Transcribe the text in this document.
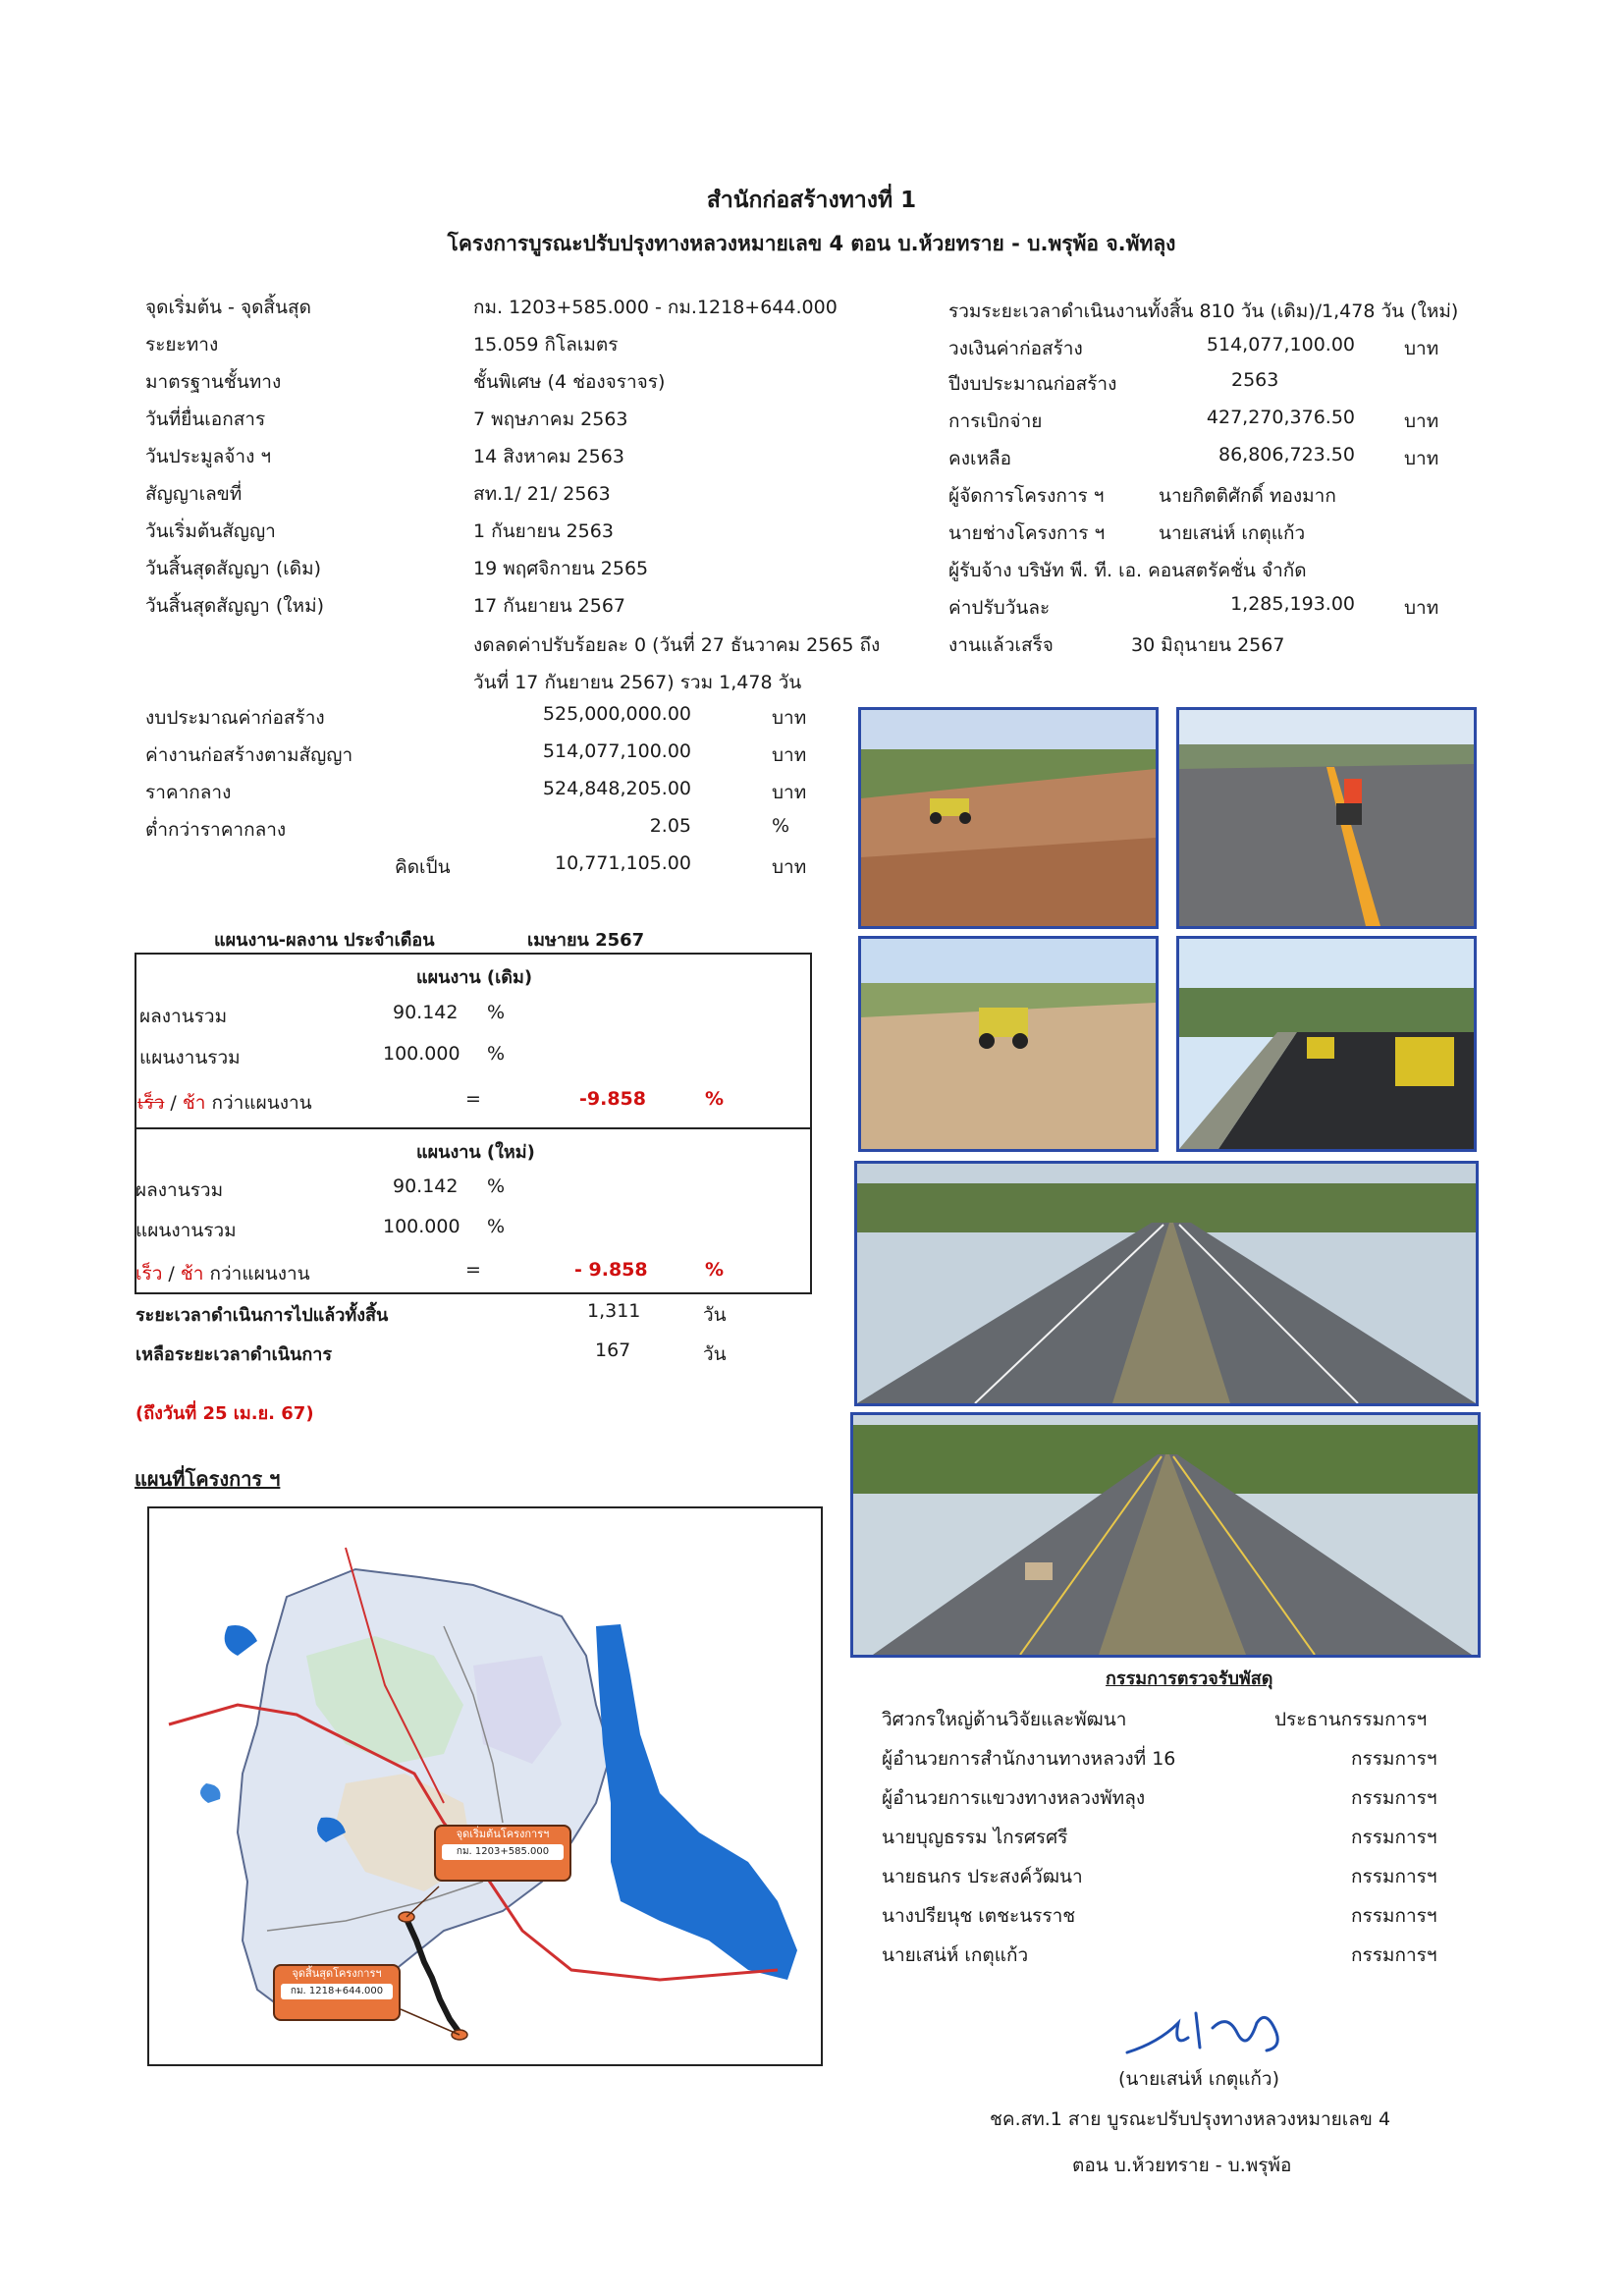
สำนักก่อสร้างทางที่ 1
โครงการบูรณะปรับปรุงทางหลวงหมายเลข 4 ตอน บ.ห้วยทราย - บ.พรุพ้อ จ.พัทลุง
จุดเริ่มต้น - จุดสิ้นสุด	กม. 1203+585.000 - กม.1218+644.000
ระยะทาง	15.059 กิโลเมตร
มาตรฐานชั้นทาง	ชั้นพิเศษ (4 ช่องจราจร)
วันที่ยื่นเอกสาร	7 พฤษภาคม 2563
วันประมูลจ้าง ฯ	14 สิงหาคม 2563
สัญญาเลขที่	สท.1/ 21/ 2563
วันเริ่มต้นสัญญา	1 กันยายน 2563
วันสิ้นสุดสัญญา (เดิม)	19 พฤศจิกายน 2565
วันสิ้นสุดสัญญา (ใหม่)	17 กันยายน 2567
งดลดค่าปรับร้อยละ 0 (วันที่ 27 ธันวาคม 2565 ถึง
วันที่ 17 กันยายน 2567) รวม 1,478 วัน
รวมระยะเวลาดำเนินงานทั้งสิ้น 810 วัน (เดิม)/1,478 วัน (ใหม่)
วงเงินค่าก่อสร้าง	514,077,100.00	บาท
ปีงบประมาณก่อสร้าง	2563
การเบิกจ่าย	427,270,376.50	บาท
คงเหลือ	86,806,723.50	บาท
ผู้จัดการโครงการ ฯ	นายกิตติศักดิ์ ทองมาก
นายช่างโครงการ ฯ	นายเสน่ห์ เกตุแก้ว
ผู้รับจ้าง บริษัท พี. ที. เอ. คอนสตรัคชั่น จำกัด
ค่าปรับวันละ	1,285,193.00	บาท
งานแล้วเสร็จ	30 มิถุนายน 2567
งบประมาณค่าก่อสร้าง	525,000,000.00	บาท
ค่างานก่อสร้างตามสัญญา	514,077,100.00	บาท
ราคากลาง	524,848,205.00	บาท
ต่ำกว่าราคากลาง	2.05	%
คิดเป็น	10,771,105.00	บาท
แผนงาน-ผลงาน ประจำเดือน	เมษายน 2567
แผนงาน (เดิม)
ผลงานรวม	90.142 %
แผนงานรวม	100.000 %
เร็ว / ช้า กว่าแผนงาน	=	-9.858	%
แผนงาน (ใหม่)
ผลงานรวม	90.142 %
แผนงานรวม	100.000 %
เร็ว / ช้า กว่าแผนงาน	=	- 9.858	%
ระยะเวลาดำเนินการไปแล้วทั้งสิ้น	1,311	วัน
เหลือระยะเวลาดำเนินการ	167	วัน
(ถึงวันที่ 25 เม.ย. 67)
แผนที่โครงการ ฯ
จุดเริ่มต้นโครงการฯ
กม. 1203+585.000
จุดสิ้นสุดโครงการฯ
กม. 1218+644.000
กรรมการตรวจรับพัสดุ
วิศวกรใหญ่ด้านวิจัยและพัฒนา	ประธานกรรมการฯ
ผู้อำนวยการสำนักงานทางหลวงที่ 16	กรรมการฯ
ผู้อำนวยการแขวงทางหลวงพัทลุง	กรรมการฯ
นายบุญธรรม ไกรศรศรี	กรรมการฯ
นายธนกร ประสงค์วัฒนา	กรรมการฯ
นางปรียนุช เตชะนรราช	กรรมการฯ
นายเสน่ห์ เกตุแก้ว	กรรมการฯ
(นายเสน่ห์ เกตุแก้ว)
ชค.สท.1 สาย บูรณะปรับปรุงทางหลวงหมายเลข 4
ตอน บ.ห้วยทราย - บ.พรุพ้อ
